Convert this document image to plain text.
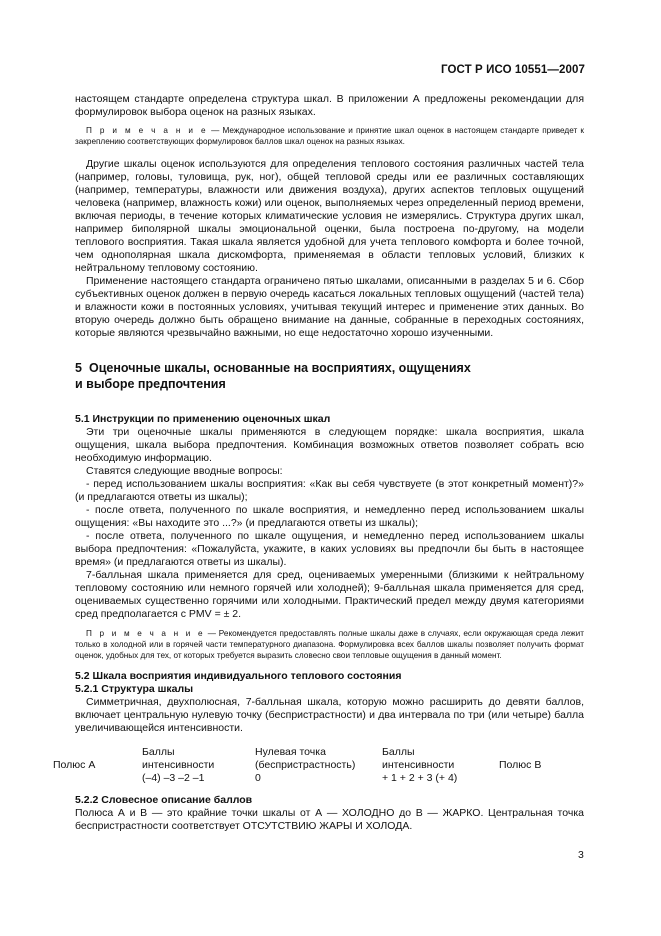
ГОСТ Р ИСО 10551—2007

настоящем стандарте определена структура шкал. В приложении А предложены рекомендации для формулировок выбора оценок на разных языках.

П р и м е ч а н и е — Международное использование и принятие шкал оценок в настоящем стандарте приведет к закреплению соответствующих формулировок баллов шкал оценок на разных языках.

Другие шкалы оценок используются для определения теплового состояния различных частей тела (например, головы, туловища, рук, ног), общей тепловой среды или ее различных составляющих (например, температуры, влажности или движения воздуха), других аспектов тепловых ощущений человека (например, влажность кожи) или оценок, выполняемых через определенный период времени, включая периоды, в течение которых климатические условия не измерялись. Структура других шкал, например биполярной шкалы эмоциональной оценки, была построена по-другому, на модели теплового восприятия. Такая шкала является удобной для учета теплового комфорта и более точной, чем однополярная шкала дискомфорта, применяемая в области тепловых условий, близких к нейтральному тепловому состоянию.

Применение настоящего стандарта ограничено пятью шкалами, описанными в разделах 5 и 6. Сбор субъективных оценок должен в первую очередь касаться локальных тепловых ощущений (частей тела) и влажности кожи в постоянных условиях, учитывая текущий интерес и применение этих данных. Во вторую очередь должно быть обращено внимание на данные, собранные в переходных состояниях, которые являются чрезвычайно важными, но еще недостаточно хорошо изученными.

5 Оценочные шкалы, основанные на восприятиях, ощущениях
и выборе предпочтения
5.1 Инструкции по применению оценочных шкал

Эти три оценочные шкалы применяются в следующем порядке: шкала восприятия, шкала ощущения, шкала выбора предпочтения. Комбинация возможных ответов позволяет собрать всю необходимую информацию.

Ставятся следующие вводные вопросы:

- перед использованием шкалы восприятия: «Как вы себя чувствуете (в этот конкретный момент)?» (и предлагаются ответы из шкалы);

- после ответа, полученного по шкале восприятия, и немедленно перед использованием шкалы ощущения: «Вы находите это ...?» (и предлагаются ответы из шкалы);

- после ответа, полученного по шкале ощущения, и немедленно перед использованием шкалы выбора предпочтения: «Пожалуйста, укажите, в каких условиях вы предпочли бы быть в настоящее время» (и предлагаются ответы из шкалы).

7-балльная шкала применяется для сред, оцениваемых умеренными (близкими к нейтральному тепловому состоянию или немного горячей или холодней); 9-балльная шкала применяется для сред, оцениваемых существенно горячими или холодными. Практический предел между двумя категориями сред предполагается с PMV = ± 2.

П р и м е ч а н и е — Рекомендуется предоставлять полные шкалы даже в случаях, если окружающая среда лежит только в холодной или в горячей части температурного диапазона. Формулировка всех баллов шкалы позволяет получить формат оценок, удобных для тех, от которых требуется выразить словесно свои тепловые ощущения в данный момент.

5.2 Шкала восприятия индивидуального теплового состояния
5.2.1 Структура шкалы

Симметричная, двухполюсная, 7-балльная шкала, которую можно расширить до девяти баллов, включает центральную нулевую точку (беспристрастности) и два интервала по три (или четыре) балла увеличивающейся интенсивности.

Полюс А
Баллы
интенсивности
(–4) –3 –2 –1
Нулевая точка
(беспристрастность)
0
Баллы
интенсивности
+ 1 + 2 + 3 (+ 4)
Полюс В
5.2.2 Словесное описание баллов

Полюса А и В — это крайние точки шкалы от А — ХОЛОДНО до В — ЖАРКО. Центральная точка беспристрастности соответствует ОТСУТСТВИЮ ЖАРЫ И ХОЛОДА.

3
